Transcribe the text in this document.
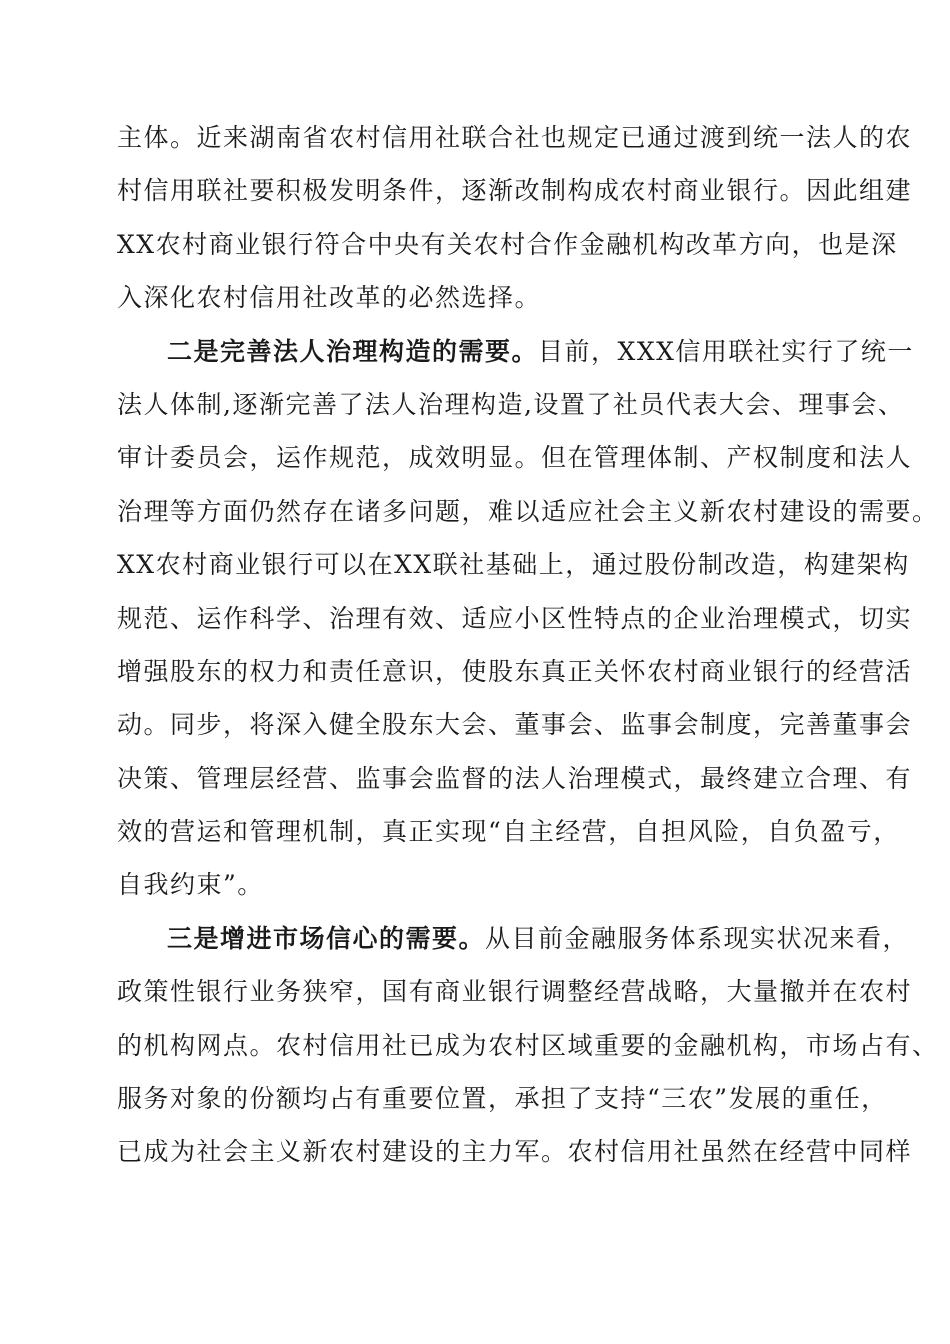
主体。近来湖南省农村信用社联合社也规定已通过渡到统一法人的农
村信用联社要积极发明条件，逐渐改制构成农村商业银行。因此组建
XX农村商业银行符合中央有关农村合作金融机构改革方向，也是深
入深化农村信用社改革的必然选择。
二是完善法人治理构造的需要。目前，XXX信用联社实行了统一
法人体制,逐渐完善了法人治理构造,设置了社员代表大会、理事会、
审计委员会，运作规范，成效明显。但在管理体制、产权制度和法人
治理等方面仍然存在诸多问题，难以适应社会主义新农村建设的需要。
XX农村商业银行可以在XX联社基础上，通过股份制改造，构建架构
规范、运作科学、治理有效、适应小区性特点的企业治理模式，切实
增强股东的权力和责任意识，使股东真正关怀农村商业银行的经营活
动。同步，将深入健全股东大会、董事会、监事会制度，完善董事会
决策、管理层经营、监事会监督的法人治理模式，最终建立合理、有
效的营运和管理机制，真正实现“自主经营，自担风险，自负盈亏，
自我约束”。
三是增进市场信心的需要。从目前金融服务体系现实状况来看，
政策性银行业务狭窄，国有商业银行调整经营战略，大量撤并在农村
的机构网点。农村信用社已成为农村区域重要的金融机构，市场占有、
服务对象的份额均占有重要位置，承担了支持“三农”发展的重任，
已成为社会主义新农村建设的主力军。农村信用社虽然在经营中同样
